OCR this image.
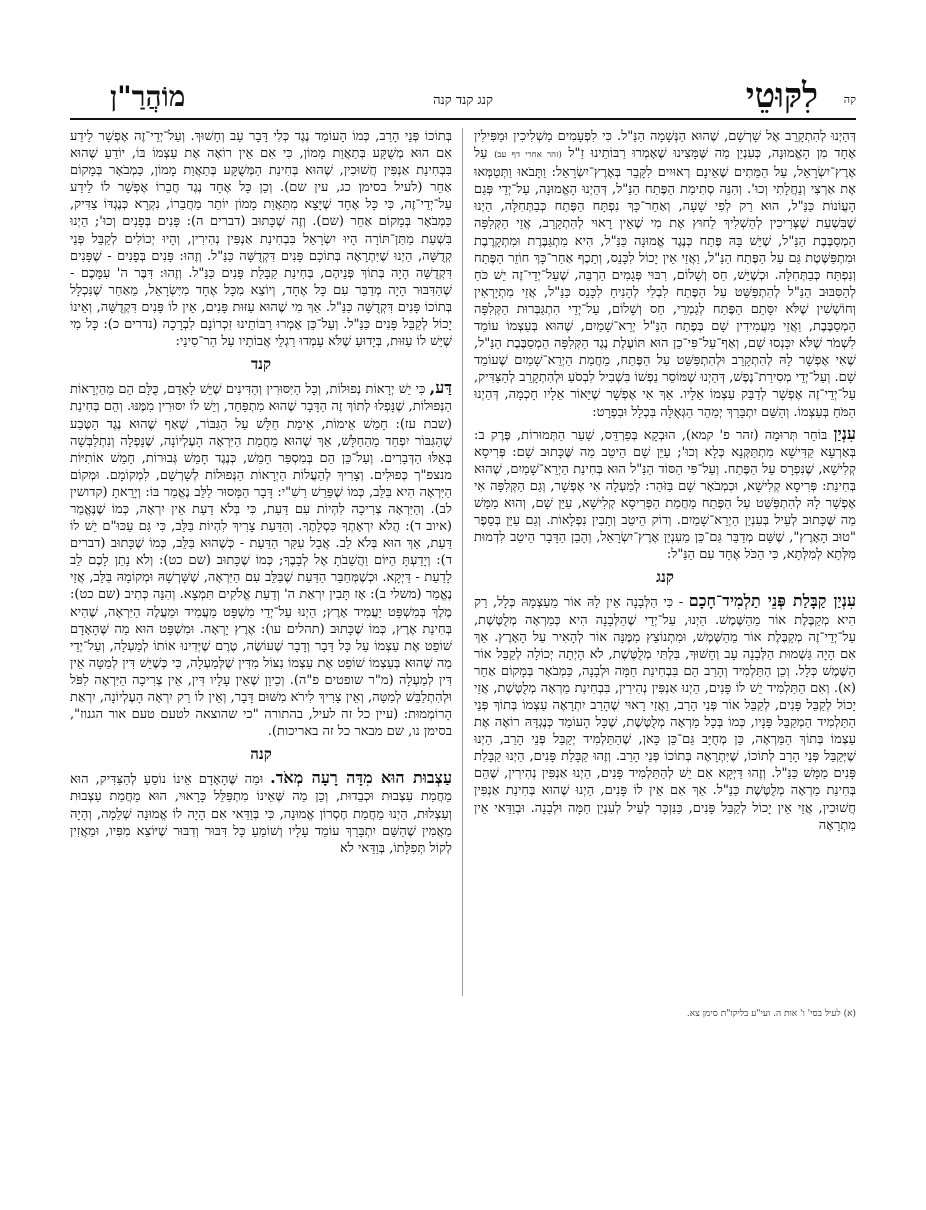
לִקּוּטֵי קה
קנג קנד קנה
מוֹהֲרַ"ן

דְּהַיְנוּ לְהִתְקָרֵב אֶל שָׁרְשָׁם, שֶׁהוּא הַנְּשָׁמָה הַנַּ"ל. כִּי לִפְעָמִים מַשְׁלִיכִין וּמַפִּילִין אֶחָד מִן הָאֱמוּנָה, כְּעִנְיַן מַה שֶּׁמָּצִינוּ שֶׁאָמְרוּ רַבּוֹתֵינוּ זַ"ל (זהר אחרי דף עב) עַל אֶרֶץ־יִשְׂרָאֵל, עַל הַמֵּתִים שֶׁאֵינָם רְאוּיִים לִקָּבֵר בְּאֶרֶץ־יִשְׂרָאֵל: וַתָּבֹאוּ וַתְּטַמְּאוּ אֶת אַרְצִי וְנַחֲלָתִי וְכוּ'. וְהִנֵּה סְתִימַת הַפֶּתַח הַנַּ"ל, דְּהַיְנוּ הָאֱמוּנָה, עַל־יְדֵי פְּגַם הָעֲוֹנוֹת כַּנַּ"ל, הוּא רַק לְפִי שָׁעָה, וְאַחַר־כָּךְ נִפְתָּח הַפֶּתַח כְּבַתְּחִלָּה, הַיְנוּ שֶׁבִּשְׁעַת שֶׁצְּרִיכִין לְהַשְׁלִיךְ לַחוּץ אֶת מִי שֶׁאֵין רָאוּי לְהִתְקָרֵב, אֲזַי הַקְּלִפָּה הַמְסַבֶּבֶת הַנַּ"ל, שֶׁיֵּשׁ בָּהּ פֶּתַח כְּנֶגֶד אֱמוּנָה כַּנַּ"ל, הִיא מִתְגַּבֶּרֶת וּמִתְקָרֶבֶת וּמִתְפַּשֶּׁטֶת גַּם עַל הַפֶּתַח הַנַּ"ל, וַאֲזַי אֵין יָכוֹל לִכָּנֵס, וְתֵכֶף אַחַר־כָּךְ חוֹזֵר הַפֶּתַח וְנִפְתַּח כְּבַתְּחִלָּה. וּכְשֶׁיֵּשׁ, חַס וְשָׁלוֹם, רִבּוּי פְּגָמִים הַרְבֵּה, שֶׁעַל־יְדֵי־זֶה יֵשׁ כֹּחַ לְהַסִּבּוּב הַנַּ"ל לְהִתְפַּשֵּׁט עַל הַפֶּתַח לִבְלִי לְהָנִיחַ לִכָּנֵס כַּנַּ"ל, אֲזַי מִתְיָרְאִין וְחוֹשְׁשִׁין שֶׁלֹּא יִסָּתֵם הַפֶּתַח לְגַמְרֵי, חַס וְשָׁלוֹם, עַל־יְדֵי הִתְגַּבְּרוּת הַקְּלִפָּה הַמְסַבֶּבֶת, וַאֲזַי מַעֲמִידִין שָׁם בְּפֶתַח הַנַּ"ל יְרֵא־שָׁמַיִם, שֶׁהוּא בְּעַצְמוֹ עוֹמֵד לִשְׁמֹר שֶׁלֹּא יִכָּנְסוּ שָׁם, וְאַף־עַל־פִּי־כֵן הוּא תּוֹעֶלֶת נֶגֶד הַקְּלִפָּה הַמְסַבֶּבֶת הַנַּ"ל, שֶׁאִי אֶפְשָׁר לָהּ לְהִתְקָרֵב וּלְהִתְפַּשֵּׁט עַל הַפֶּתַח, מֵחֲמַת הַיְרֵא־שָׁמַיִם שֶׁעוֹמֵד שָׁם. וְעַל־יְדֵי מְסִירַת־נֶפֶשׁ, דְּהַיְנוּ שֶׁמּוֹסֵר נַפְשׁוֹ בִּשְׁבִיל לִבְסֹעַ וּלְהִתְקָרֵב לְהַצַּדִּיק, עַל־יְדֵי־זֶה אֶפְשָׁר לְדַבֵּק עַצְמוֹ אֵלָיו. אַךְ אִי אֶפְשָׁר שֶׁיֵּאוֹר אֵלָיו חָכְמָה, דְּהַיְנוּ הַמֹּחַ בְּעַצְמוֹ. וְהַשֵּׁם יִתְבָּרַךְ יְמַהֵר הַגְּאֻלָּה בִּכְלָל וּבִפְרָט:

עִנְיַן בּוֹחֵר תְּרוּמָה (זהר פ' קמא), הוּבְקָא בְּפַרְדֵּס, שַׁעַר הַתְּמוּרוֹת, פֶּרֶק ב: בְּאַרְעָא קַדִּישָׁא מִתְתַּקְּנָא כְּלָא וְכוּ'; עַיֵּן שָׁם הֵיטֵב מַה שֶּׁכָּתוּב שָׁם: פְּרִיסָא קְלִישָׁא, שֶׁנִּפְרָס עַל הַפֶּתַח. וְעַל־פִּי הַסּוֹד הַנַּ"ל הוּא בְּחִינַת הַיְרֵא־שָׁמַיִם, שֶׁהוּא בְּחִינַת: פְּרִיסָא קְלִישָׁא, וּכְמְבֹאָר שָׁם בַּזֹּהַר: לְמַעְלָה אִי אֶפְשָׁר, וְגַם הַקְּלִפָּה אִי אֶפְשָׁר לָהּ לְהִתְפַּשֵּׁט עַל הַפֶּתַח מֵחֲמַת הַפְּרִיסָא קְלִישָׁא, עַיֵּן שָׁם, וְהוּא מַמָּשׁ מַה שֶּׁכָּתוּב לְעֵיל בְּעִנְיַן הַיְרֵא־שָׁמַיִם. וְדוֹק הֵיטֵב וְתָבִין נִפְלָאוֹת. וְגַם עַיֵּן בְּסֵפֶר "טוּב הָאָרֶץ", שֶׁשָּׁם מְדַבֵּר גַּם־כֵּן מֵעִנְיַן אֶרֶץ־יִשְׂרָאֵל, וְהָבֵן הַדָּבָר הֵיטֵב לִדְמוּת מִלְּתָא לְמִלְּתָא, כִּי הַכֹּל אֶחָד עִם הַנַּ"ל:

קנג

עִנְיַן קַבָּלַת פְּנֵי תַלְמִיד־חָכָם - כִּי הַלְּבָנָה אֵין לָהּ אוֹר מֵעַצְמָהּ כְּלָל, רַק הִיא מְקַבֶּלֶת אוֹר מֵהַשֶּׁמֶשׁ. הַיְנוּ, עַל־יְדֵי שֶׁהַלְּבָנָה הִיא כְּמַרְאָה מְלֻטֶּשֶׁת, עַל־יְדֵי־זֶה מְקַבֶּלֶת אוֹר מֵהַשֶּׁמֶשׁ, וּמִתְנוֹצֵץ מִמֶּנָּה אוֹר לְהָאִיר עַל הָאָרֶץ. אַךְ אִם הָיָה גַּשְׁמוּת הַלְּבָנָה עָב וְחָשׁוּךְ, בִּלְתִּי מְלֻטֶּשֶׁת, לֹא הָיְתָה יְכוֹלָה לְקַבֵּל אוֹר הַשֶּׁמֶשׁ כְּלָל. וְכֵן הַתַּלְמִיד וְהָרַב הֵם בִּבְחִינַת חַמָּה וּלְבָנָה, כַּמְבֹאָר בְּמָקוֹם אַחֵר (א). וְאִם הַתַּלְמִיד יֵשׁ לוֹ פָּנִים, הַיְנוּ אַנְפִּין נְהִירִין, בִּבְחִינַת מַרְאָה מְלֻטֶּשֶׁת, אֲזַי יָכוֹל לְקַבֵּל פָּנִים, לְקַבֵּל אוֹר פְּנֵי הָרַב, וַאֲזַי רָאוּי שֶׁהָרַב יִתְרָאֶה עַצְמוֹ בְּתוֹךְ פְּנֵי הַתַּלְמִיד הַמְקַבֵּל פָּנָיו, כְּמוֹ בְּכָל מַרְאָה מְלֻטֶּשֶׁת, שֶׁכָּל הָעוֹמֵד כְּנֶגְדָּהּ רוֹאֶה אֶת עַצְמוֹ בְּתוֹךְ הַמַּרְאָה, כֵּן מְחֻיָּב גַּם־כֵּן כָּאן, שֶׁהַתַּלְמִיד יְקַבֵּל פְּנֵי הָרַב, הַיְנוּ שֶׁיְּקַבֵּל פְּנֵי הָרַב לְתוֹכוֹ, שֶׁיִּתְרָאֶה בְּתוֹכוֹ פְּנֵי הָרַב. וְזֶהוּ קַבָּלַת פָּנִים, הַיְנוּ קַבָּלַת פָּנִים מַמָּשׁ כַּנַּ"ל. וְזֶהוּ דַּיְקָא אִם יֵשׁ לְהַתַּלְמִיד פָּנִים, הַיְנוּ אַנְפִּין נְהִירִין, שֶׁהֵם בְּחִינַת מַרְאָה מְלֻטֶּשֶׁת כַּנַּ"ל. אַךְ אִם אֵין לוֹ פָּנִים, הַיְנוּ שֶׁהוּא בְּחִינַת אַנְפִּין חֲשׁוּכִין, אֲזַי אֵין יָכוֹל לְקַבֵּל פָּנִים, כַּנִּזְכָּר לְעֵיל לְעִנְיַן חַמָּה וּלְבָנָה. וּבְוַדַּאי אֵין מִתְרָאֶה

בְּתוֹכוֹ פְּנֵי הָרַב, כְּמוֹ הָעוֹמֵד נֶגֶד כְּלִי דָּבָר עָב וְחָשׁוּךְ. וְעַל־יְדֵי־זֶה אֶפְשָׁר לֵידַע אִם הוּא מְשֻׁקָּע בְּתַאֲוַת מָמוֹן, כִּי אִם אֵין רוֹאֶה אֶת עַצְמוֹ בּוֹ, יוֹדֵעַ שֶׁהוּא בִּבְחִינַת אַנְפִּין חֲשׁוּכִין, שֶׁהוּא בְּחִינַת הַמְּשֻׁקָּע בְּתַאֲוַת מָמוֹן, כַּמְבֹאָר בְּמָקוֹם אַחֵר (לעיל בסימן כג, עין שם). וְכֵן כָּל אֶחָד נֶגֶד חֲבֵרוֹ אֶפְשָׁר לוֹ לֵידַע עַל־יְדֵי־זֶה, כִּי כָּל אֶחָד שֶׁיָּצָא מִתַּאֲוַת מָמוֹן יוֹתֵר מֵחֲבֵרוֹ, נִקְרָא כְּנֶגְדּוֹ צַדִּיק, כַּמְבֹאָר בְּמָקוֹם אַחֵר (שם). וְזֶה שֶׁכָּתוּב (דברים ה): פָּנִים בְּפָנִים וְכוּ'; הַיְנוּ בִּשְׁעַת מַתַּן־תּוֹרָה הָיוּ יִשְׂרָאֵל בִּבְחִינַת אַנְפִּין נְהִירִין, וְהָיוּ יְכוֹלִים לְקַבֵּל פְּנֵי קְדֻשָּׁה, הַיְנוּ שֶׁיִּתְרָאֶה בְּתוֹכָם פָּנִים דִּקְדֻשָּׁה כַּנַּ"ל. וְזֶהוּ: פָּנִים בְּפָנִים - שֶׁפָּנִים דִּקְדֻשָּׁה הָיָה בְּתוֹךְ פְּנֵיהֶם, בְּחִינַת קַבָּלַת פָּנִים כַּנַּ"ל. וְזֶהוּ: דִּבֶּר ה' עִמָּכֶם - שֶׁהַדִּבּוּר הָיָה מְדַבֵּר עִם כָּל אֶחָד, וְיוֹצֵא מִכָּל אֶחָד מִיִּשְׂרָאֵל, מֵאַחַר שֶׁנִּכְלָל בְּתוֹכוֹ פָּנִים דִּקְדֻשָּׁה כַּנַּ"ל. אַךְ מִי שֶׁהוּא עַזּוּת פָּנִים, אֵין לוֹ פָּנִים דִּקְדֻשָּׁה, וְאֵינוֹ יָכוֹל לְקַבֵּל פָּנִים כַּנַּ"ל. וְעַל־כֵּן אָמְרוּ רַבּוֹתֵינוּ זִכְרוֹנָם לִבְרָכָה (נדרים כ): כָּל מִי שֶׁיֵּשׁ לוֹ עַזּוּת, בְּיָדוּעַ שֶׁלֹּא עָמְדוּ רַגְלֵי אֲבוֹתָיו עַל הַר־סִינַי:

קנד

דַּע, כִּי יֵשׁ יְרָאוֹת נְפוּלוֹת, וְכָל הַיִּסּוּרִין וְהַדִּינִים שֶׁיֵּשׁ לָאָדָם, כֻּלָּם הֵם מֵהַיְרָאוֹת הַנְּפוּלוֹת, שֶׁנָּפְלוּ לְתוֹךְ זֶה הַדָּבָר שֶׁהוּא מִתְפַּחֵד, וְיֵשׁ לוֹ יִסּוּרִין מִמֶּנּוּ. וְהֵם בְּחִינַת (שבת עז): חָמֵשׁ אֵימוֹת, אֵימַת חַלָּשׁ עַל הַגִּבּוֹר, שֶׁאַף שֶׁהוּא נֶגֶד הַטֶּבַע שֶׁהַגִּבּוֹר יִפְחַד מֵהַחַלָּשׁ, אַךְ שֶׁהוּא מֵחֲמַת הַיִּרְאָה הָעֶלְיוֹנָה, שֶׁנָּפְלָה וְנִתְלַבְּשָׁה בְּאֵלּוּ הַדְּבָרִים. וְעַל־כֵּן הֵם בְּמִסְפַּר חָמֵשׁ, כְּנֶגֶד חָמֵשׁ גְּבוּרוֹת, חָמֵשׁ אוֹתִיּוֹת מנצפ"ך כְּפוּלִים. וְצָרִיךְ לְהַעֲלוֹת הַיְרָאוֹת הַנְּפוּלוֹת לְשָׁרְשָׁם, לִמְקוֹמָם. וּמְקוֹם הַיִּרְאָה הִיא בַּלֵּב, כְּמוֹ שֶׁפֵּרֵשׁ רַשִׁ"י: דָּבָר הַמָּסוּר לַלֵּב נֶאֱמַר בּוֹ: וְיָרֵאתָ (קדושין לב). וְהַיִּרְאָה צְרִיכָה לִהְיוֹת עִם דַּעַת, כִּי בְּלֹא דַעַת אֵין יִרְאָה, כְּמוֹ שֶׁנֶּאֱמַר (איוב ד): הֲלֹא יִרְאָתְךָ כִּסְלָתֶךָ. וְהַדַּעַת צָרִיךְ לִהְיוֹת בַּלֵּב, כִּי גַּם עַכּוּ"ם יֵשׁ לוֹ דַּעַת, אַךְ הוּא בְּלֹא לֵב. אֲבָל עִקַּר הַדַּעַת - כְּשֶׁהוּא בַּלֵּב, כְּמוֹ שֶׁכָּתוּב (דברים ד): וְיָדַעְתָּ הַיּוֹם וַהֲשֵׁבֹתָ אֶל לְבָבֶךָ; כְּמוֹ שֶׁכָּתוּב (שם כט): וְלֹא נָתַן לָכֶם לֵב לָדַעַת - דַּיְקָא. וּכְשֶׁמְּחַבֵּר הַדַּעַת שֶׁבַּלֵּב עִם הַיִּרְאָה, שֶׁשָּׁרְשָׁהּ וּמְקוֹמָהּ בַּלֵּב, אֲזַי נֶאֱמַר (משלי ב): אָז תָּבִין יִרְאַת ה' וְדַעַת אֱלֹקִים תִּמְצָא. וְהִנֵּה כְּתִיב (שם כט): מֶלֶךְ בְּמִשְׁפָּט יַעֲמִיד אָרֶץ; הַיְנוּ עַל־יְדֵי מִשְׁפָּט מַעֲמִיד וּמַעֲלֶה הַיִּרְאָה, שֶׁהִיא בְּחִינַת אֶרֶץ, כְּמוֹ שֶׁכָּתוּב (תהלים עו): אֶרֶץ יָרְאָה. וּמִשְׁפָּט הוּא מַה שֶּׁהָאָדָם שׁוֹפֵט אֶת עַצְמוֹ עַל כָּל דָּבָר וְדָבָר שֶׁעוֹשֶׂה, טֶרֶם שֶׁיְּדִינוּ אוֹתוֹ לְמַעְלָה, וְעַל־יְדֵי מַה שֶּׁהוּא בְּעַצְמוֹ שׁוֹפֵט אֶת עַצְמוֹ נִצּוֹל מִדִּין שֶׁלְּמַעְלָה, כִּי כְּשֶׁיֵּשׁ דִּין לְמַטָּה אֵין דִּין לְמַעְלָה (מ"ר שופטים פ"ה). וְכֵיוָן שֶׁאֵין עָלָיו דִּין, אֵין צְרִיכָה הַיִּרְאָה לִפֹּל וּלְהִתְלַבֵּשׁ לְמַטָּה, וְאֵין צָרִיךְ לִירֹא מִשּׁוּם דָּבָר, וְאֵין לוֹ רַק יִרְאָה הָעֶלְיוֹנָה, יִרְאַת הָרוֹמְמוּת: (עיין כל זה לעיל, בהתורה "כי שהוצאה לטעם טעם אור הגנוז", בסימן נו, שם מבאר כל זה באריכות).

קנה

עַצְבוּת הוּא מִדָּה רָעָה מְאֹד. וּמַה שֶּׁהָאָדָם אֵינוֹ נוֹסֵעַ לְהַצַּדִּיק, הוּא מֵחֲמַת עַצְבוּת וּכְבֵדוּת, וְכֵן מַה שֶּׁאֵינוֹ מִתְפַּלֵּל כָּרָאוּי, הוּא מֵחֲמַת עַצְבוּת וְעַצְלוּת, הַיְנוּ מֵחֲמַת חֶסְרוֹן אֱמוּנָה, כִּי בְּוַדַּאי אִם הָיָה לוֹ אֱמוּנָה שְׁלֵמָה, וְהָיָה מַאֲמִין שֶׁהַשֵּׁם יִתְבָּרַךְ עוֹמֵד עָלָיו וְשׁוֹמֵעַ כָּל דִּבּוּר וְדִבּוּר שֶׁיּוֹצֵא מִפִּיו, וּמַאֲזִין לְקוֹל תְּפִלָּתוֹ, בְּוַדַּאי לֹא

(א) לעיל בסי' ו' אות ה. ועי"ע בליקו"ת סימן צא.
